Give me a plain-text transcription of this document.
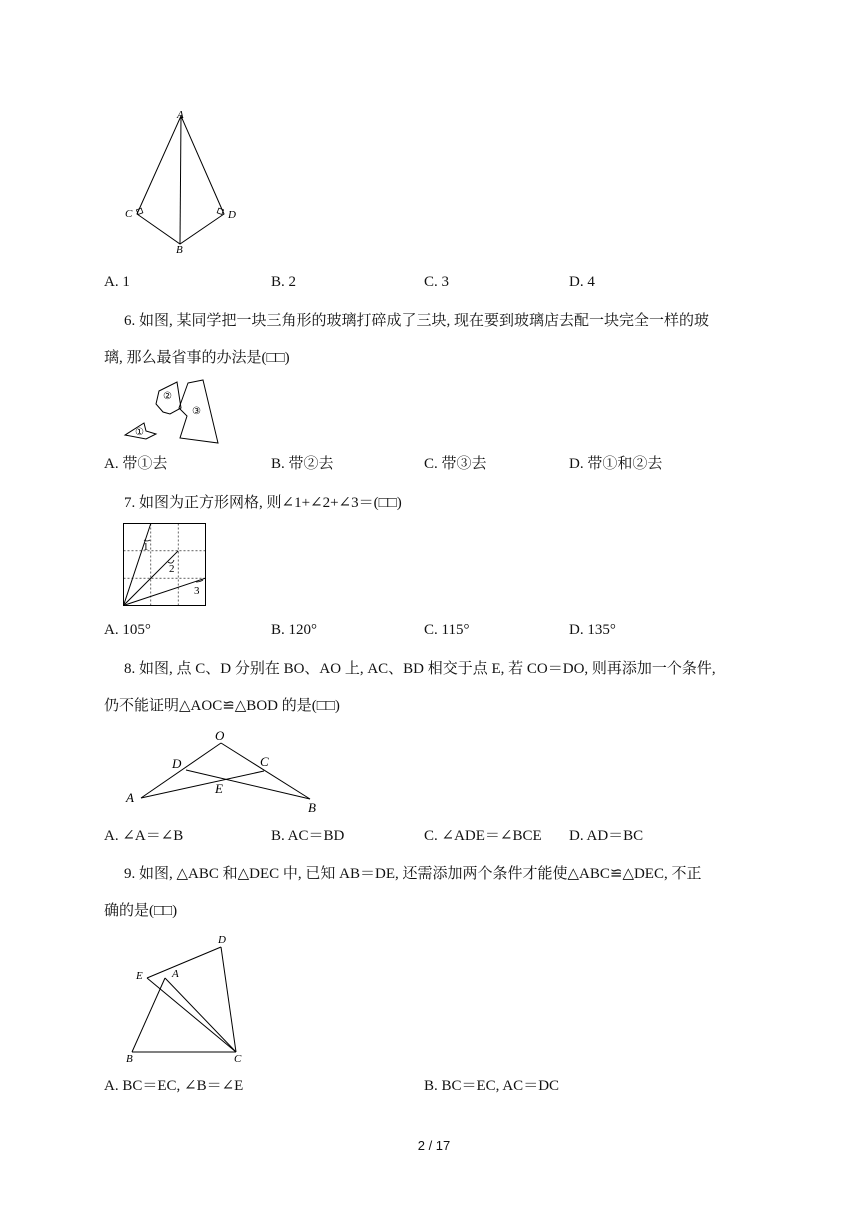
A
C	D
B
A. 1	B. 2	C. 3	D. 4
6. 如图, 某同学把一块三角形的玻璃打碎成了三块, 现在要到玻璃店去配一块完全一样的玻
璃, 那么最省事的办法是(□□)
①
②
③
A. 带①去	B. 带②去	C. 带③去	D. 带①和②去
7. 如图为正方形网格, 则∠1+∠2+∠3＝(□□)
1
2
3
A. 105°	B. 120°	C. 115°	D. 135°
8. 如图, 点 C、D 分别在 BO、AO 上, AC、BD 相交于点 E, 若 CO＝DO, 则再添加一个条件,
仍不能证明△AOC≌△BOD 的是(□□)
O
D	C
E
A
B
A. ∠A＝∠B	B. AC＝BD	C. ∠ADE＝∠BCE D. AD＝BC
9. 如图, △ABC 和△DEC 中, 已知 AB＝DE, 还需添加两个条件才能使△ABC≌△DEC, 不正
确的是(□□)
D
E	A
B	C
A. BC＝EC, ∠B＝∠E	B. BC＝EC, AC＝DC
2 / 17
